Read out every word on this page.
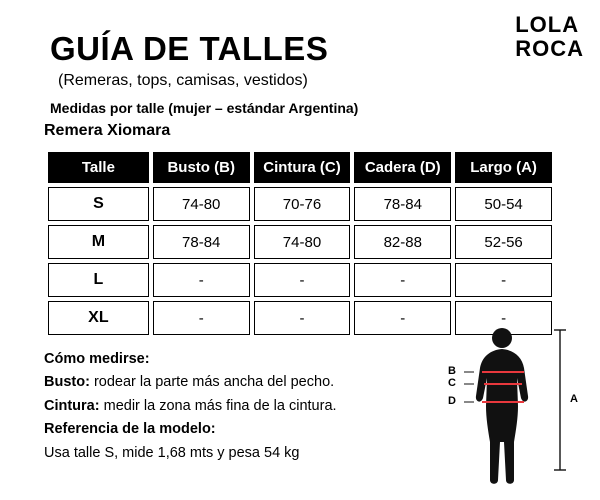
LOLA
ROCA
GUÍA DE TALLES
(Remeras, tops, camisas, vestidos)
Medidas por talle (mujer – estándar Argentina)
Remera Xiomara
Talle	Busto (B)	Cintura (C)	Cadera (D)	Largo (A)
S	74-80	70-76	78-84	50-54
M	78-84	74-80	82-88	52-56
L	-	-	-	-
XL	-	-	-	-
Cómo medirse:
Busto: rodear la parte más ancha del pecho.
Cintura: medir la zona más fina de la cintura.
Referencia de la modelo:
Usa talle S, mide 1,68 mts y pesa 54 kg
B
C
D	A
